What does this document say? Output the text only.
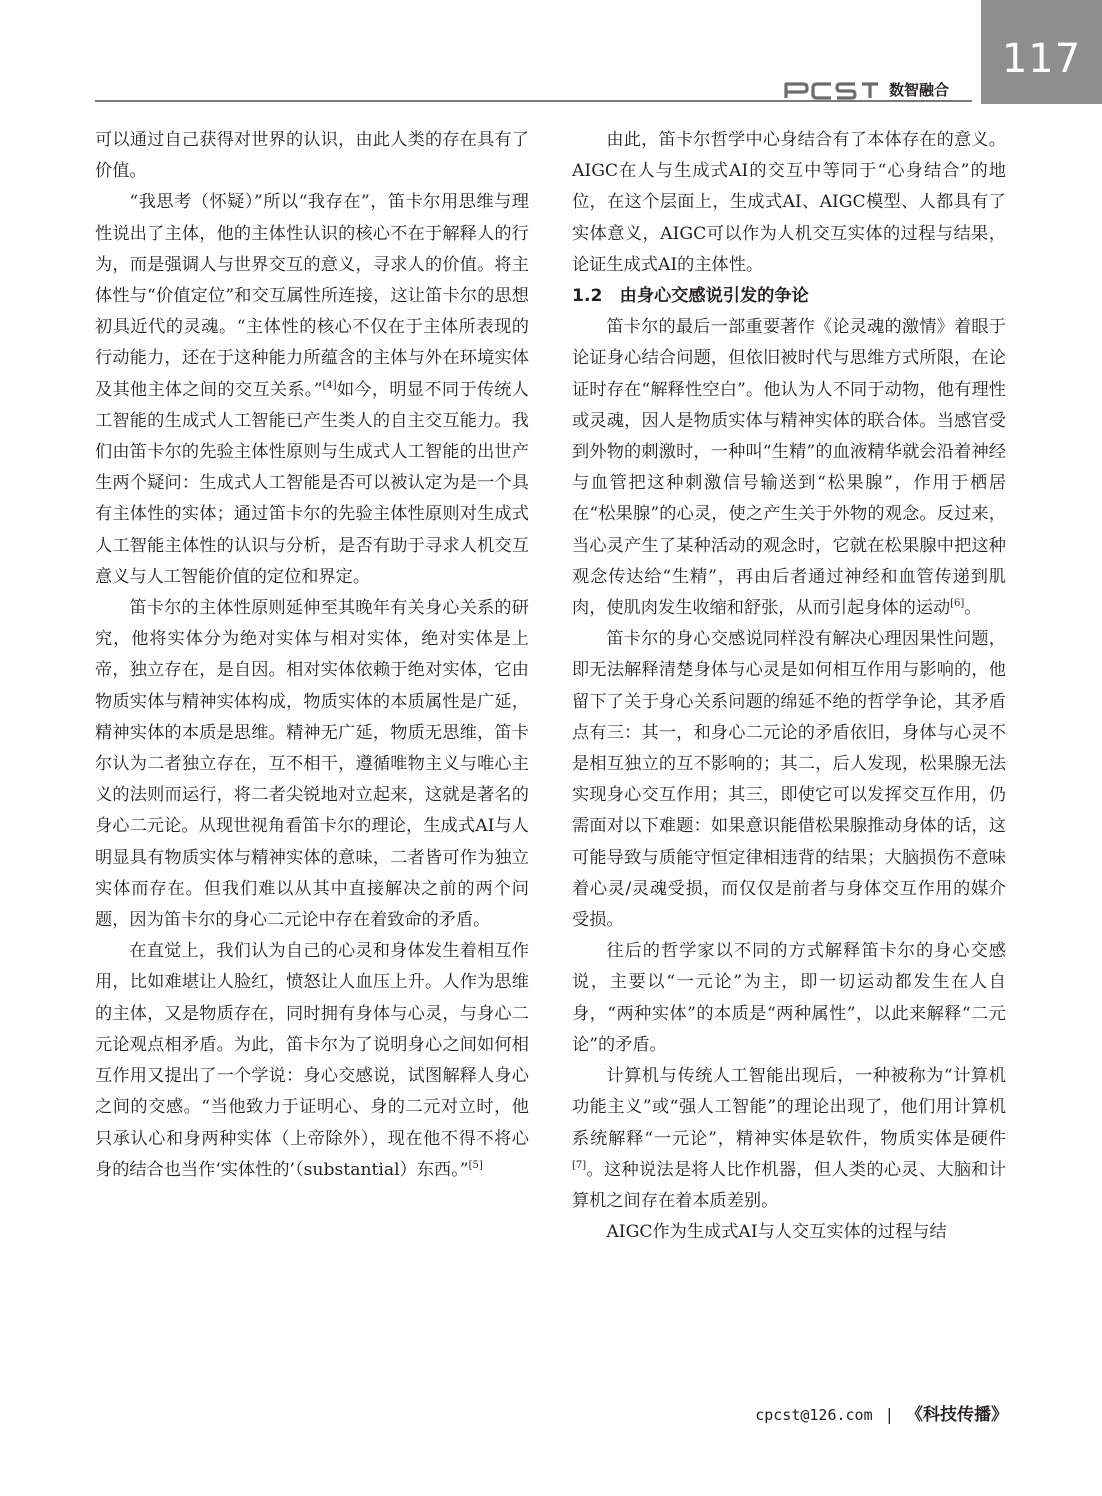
117
数智融合

可以通过自己获得对世界的认识，由此人类的存在具有了价值。

“我思考（怀疑）”所以“我存在”，笛卡尔用思维与理性说出了主体，他的主体性认识的核心不在于解释人的行为，而是强调人与世界交互的意义，寻求人的价值。将主体性与“价值定位”和交互属性所连接，这让笛卡尔的思想初具近代的灵魂。“主体性的核心不仅在于主体所表现的行动能力，还在于这种能力所蕴含的主体与外在环境实体及其他主体之间的交互关系。”[4]如今，明显不同于传统人工智能的生成式人工智能已产生类人的自主交互能力。我们由笛卡尔的先验主体性原则与生成式人工智能的出世产生两个疑问：生成式人工智能是否可以被认定为是一个具有主体性的实体；通过笛卡尔的先验主体性原则对生成式人工智能主体性的认识与分析，是否有助于寻求人机交互意义与人工智能价值的定位和界定。

笛卡尔的主体性原则延伸至其晚年有关身心关系的研究，他将实体分为绝对实体与相对实体，绝对实体是上帝，独立存在，是自因。相对实体依赖于绝对实体，它由物质实体与精神实体构成，物质实体的本质属性是广延，精神实体的本质是思维。精神无广延，物质无思维，笛卡尔认为二者独立存在，互不相干，遵循唯物主义与唯心主义的法则而运行，将二者尖锐地对立起来，这就是著名的身心二元论。从现世视角看笛卡尔的理论，生成式AI与人明显具有物质实体与精神实体的意味，二者皆可作为独立实体而存在。但我们难以从其中直接解决之前的两个问题，因为笛卡尔的身心二元论中存在着致命的矛盾。

在直觉上，我们认为自己的心灵和身体发生着相互作用，比如难堪让人脸红，愤怒让人血压上升。人作为思维的主体，又是物质存在，同时拥有身体与心灵，与身心二元论观点相矛盾。为此，笛卡尔为了说明身心之间如何相互作用又提出了一个学说：身心交感说，试图解释人身心之间的交感。“当他致力于证明心、身的二元对立时，他只承认心和身两种实体（上帝除外），现在他不得不将心身的结合也当作‘实体性的’（substantial）东西。”[5]

由此，笛卡尔哲学中心身结合有了本体存在的意义。AIGC在人与生成式AI的交互中等同于“心身结合”的地位，在这个层面上，生成式AI、AIGC模型、人都具有了实体意义，AIGC可以作为人机交互实体的过程与结果，论证生成式AI的主体性。

1.2　由身心交感说引发的争论

笛卡尔的最后一部重要著作《论灵魂的激情》着眼于论证身心结合问题，但依旧被时代与思维方式所限，在论证时存在“解释性空白”。他认为人不同于动物，他有理性或灵魂，因人是物质实体与精神实体的联合体。当感官受到外物的刺激时，一种叫“生精”的血液精华就会沿着神经与血管把这种刺激信号输送到“松果腺”，作用于栖居在“松果腺”的心灵，使之产生关于外物的观念。反过来，当心灵产生了某种活动的观念时，它就在松果腺中把这种观念传达给“生精”，再由后者通过神经和血管传递到肌肉，使肌肉发生收缩和舒张，从而引起身体的运动[6]。

笛卡尔的身心交感说同样没有解决心理因果性问题，即无法解释清楚身体与心灵是如何相互作用与影响的，他留下了关于身心关系问题的绵延不绝的哲学争论，其矛盾点有三：其一，和身心二元论的矛盾依旧，身体与心灵不是相互独立的互不影响的；其二，后人发现，松果腺无法实现身心交互作用；其三，即使它可以发挥交互作用，仍需面对以下难题：如果意识能借松果腺推动身体的话，这可能导致与质能守恒定律相违背的结果；大脑损伤不意味着心灵/灵魂受损，而仅仅是前者与身体交互作用的媒介受损。

往后的哲学家以不同的方式解释笛卡尔的身心交感说，主要以“一元论”为主，即一切运动都发生在人自身，“两种实体”的本质是“两种属性”，以此来解释“二元论”的矛盾。

计算机与传统人工智能出现后，一种被称为“计算机功能主义”或“强人工智能”的理论出现了，他们用计算机系统解释“一元论”，精神实体是软件，物质实体是硬件[7]。这种说法是将人比作机器，但人类的心灵、大脑和计算机之间存在着本质差别。

AIGC作为生成式AI与人交互实体的过程与结

cpcst@126.com | 《科技传播》
